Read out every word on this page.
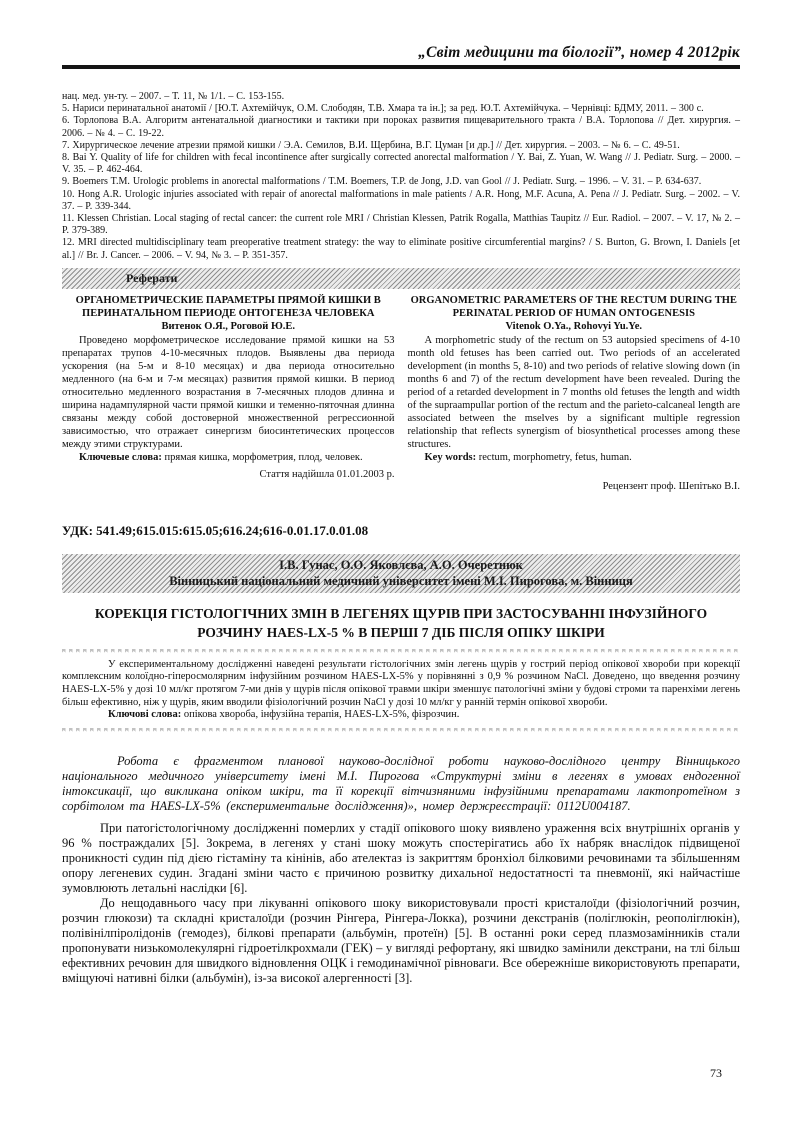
„Світ медицини та біології”, номер 4 2012рік
нац. мед. ун-ту. – 2007. – Т. 11, № 1/1. – С. 153-155.
5. Нариси перинатальної анатомії / [Ю.Т. Ахтемійчук, О.М. Слободян, Т.В. Хмара та ін.]; за ред. Ю.Т. Ахтемійчука. – Чернівці: БДМУ, 2011. – 300 с.
6. Торлопова В.А. Алгоритм антенатальной диагностики и тактики при пороках развития пищеварительного тракта / В.А. Торлопова // Дет. хирургия. – 2006. – № 4. – С. 19-22.
7. Хирургическое лечение атрезии прямой кишки / Э.А. Семилов, В.И. Щербина, В.Г. Цуман [и др.] // Дет. хирургия. – 2003. – № 6. – С. 49-51.
8. Bai Y. Quality of life for children with fecal incontinence after surgically corrected anorectal malformation / Y. Bai, Z. Yuan, W. Wang // J. Pediatr. Surg. – 2000. – V. 35. – P. 462-464.
9. Boemers T.M. Urologic problems in anorectal malformations / T.M. Boemers, T.P. de Jong, J.D. van Gool // J. Pediatr. Surg. – 1996. – V. 31. – P. 634-637.
10. Hong A.R. Urologic injuries associated with repair of anorectal malformations in male patients / A.R. Hong, M.F. Acuna, A. Pena // J. Pediatr. Surg. – 2002. – V. 37. – P. 339-344.
11. Klessen Christian. Local staging of rectal cancer: the current role MRI / Christian Klessen, Patrik Rogalla, Matthias Taupitz // Eur. Radiol. – 2007. – V. 17, № 2. – P. 379-389.
12. MRI directed multidisciplinary team preoperative treatment strategy: the way to eliminate positive circumferential margins? / S. Burton, G. Brown, I. Daniels [et al.] // Br. J. Cancer. – 2006. – V. 94, № 3. – P. 351-357.
Реферати
ОРГАНОМЕТРИЧЕСКИЕ ПАРАМЕТРЫ ПРЯМОЙ КИШКИ В ПЕРИНАТАЛЬНОМ ПЕРИОДЕ ОНТОГЕНЕЗА ЧЕЛОВЕКА
Витенок О.Я., Роговой Ю.Е.
Проведено морфометрическое исследование прямой кишки на 53 препаратах трупов 4-10-месячных плодов. Выявлены два периода ускорения (на 5-м и 8-10 месяцах) и два периода относительно медленного (на 6-м и 7-м месяцах) развития прямой кишки. В период относительно медленного возрастания в 7-месячных плодов длинна и ширина надампулярной части прямой кишки и теменно-пяточная длинна связаны между собой достоверной множественной регрессионной зависимостью, что отражает синергизм биосинтетических процессов между этими структурами.
Ключевые слова: прямая кишка, морфометрия, плод, человек.
Стаття надійшла 01.01.2003 р.
ORGANOMETRIC PARAMETERS OF THE RECTUM DURING THE PERINATAL PERIOD OF HUMAN ONTOGENESIS
Vitenok O.Ya., Rohovyi Yu.Ye.
A morphometric study of the rectum on 53 autopsied specimens of 4-10 month old fetuses has been carried out. Two periods of an accelerated development (in months 5, 8-10) and two periods of relative slowing down (in months 6 and 7) of the rectum development have been revealed. During the period of a retarded development in 7 months old fetuses the length and width of the supraampullar portion of the rectum and the parieto-calcaneal length are associated between the mselves by a significant multiple regression relationship that reflects synergism of biosynthetical processes among these structures.
Key words: rectum, morphometry, fetus, human.
Рецензент проф. Шепітько В.І.
УДК: 541.49;615.015:615.05;616.24;616-0.01.17.0.01.08
І.В. Гунас, О.О. Яковлєва, А.О. Очеретнюк
Вінницький національний медичний університет імені М.І. Пирогова, м. Вінниця
КОРЕКЦІЯ ГІСТОЛОГІЧНИХ ЗМІН В ЛЕГЕНЯХ ЩУРІВ ПРИ ЗАСТОСУВАННІ ІНФУЗІЙНОГО РОЗЧИНУ HAES-LX-5 % В ПЕРШІ 7 ДІБ ПІСЛЯ ОПІКУ ШКІРИ

У експериментальному дослідженні наведені результати гістологічних змін легень щурів у гострий період опікової хвороби при корекції комплексним колоїдно-гіперосмолярним інфузійним розчином HAES-LX-5% у порівнянні з 0,9 % розчином NaCl. Доведено, що введення розчину HAES-LX-5% у дозі 10 мл/кг протягом 7-ми днів у щурів після опікової травми шкіри зменшує патологічні зміни у будові строми та паренхіми легень більш ефективно, ніж у щурів, яким вводили фізіологічний розчин NaCl у дозі 10 мл/кг у ранній термін опікової хвороби.

Ключові слова: опікова хвороба, інфузійна терапія, HAES-LX-5%, фізрозчин.

Робота є фрагментом планової науково-дослідної роботи науково-дослідного центру Вінницького національного медичного університету імені М.І. Пирогова «Структурні зміни в легенях в умовах ендогенної інтоксикації, що викликана опіком шкіри, та її корекції вітчизняними інфузійними препаратами лактопротеїном з сорбітолом та HAES-LX-5% (експериментальне дослідження)», номер держреєстрації: 0112U004187.
При патогістологічному дослідженні померлих у стадії опікового шоку виявлено ураження всіх внутрішніх органів у 96 % постраждалих [5]. Зокрема, в легенях у стані шоку можуть спостерігатись або їх набряк внаслідок підвищеної проникності судин під дією гістаміну та кінінів, або ателектаз із закриттям бронхіол білковими речовинами та збільшенням опору легеневих судин. Згадані зміни часто є причиною розвитку дихальної недостатності та пневмонії, які найчастіше зумовлюють летальні наслідки [6].
До нещодавнього часу при лікуванні опікового шоку використовували прості кристалоїди (фізіологічний розчин, розчин глюкози) та складні кристалоїди (розчин Рінгера, Рінгера-Локка), розчини декстранів (поліглюкін, реополіглюкін), полівінілпіролідонів (гемодез), білкові препарати (альбумін, протеїн) [5]. В останні роки серед плазмозамінників стали пропонувати низькомолекулярні гідроетілкрохмали (ГЕК) – у вигляді рефортану, які швидко замінили декстрани, на тлі більш ефективних речовин для швидкого відновлення ОЦК і гемодинамічної рівноваги. Все обережніше використовують препарати, вміщуючі нативні білки (альбумін), із-за високої алергенності [3].
73
